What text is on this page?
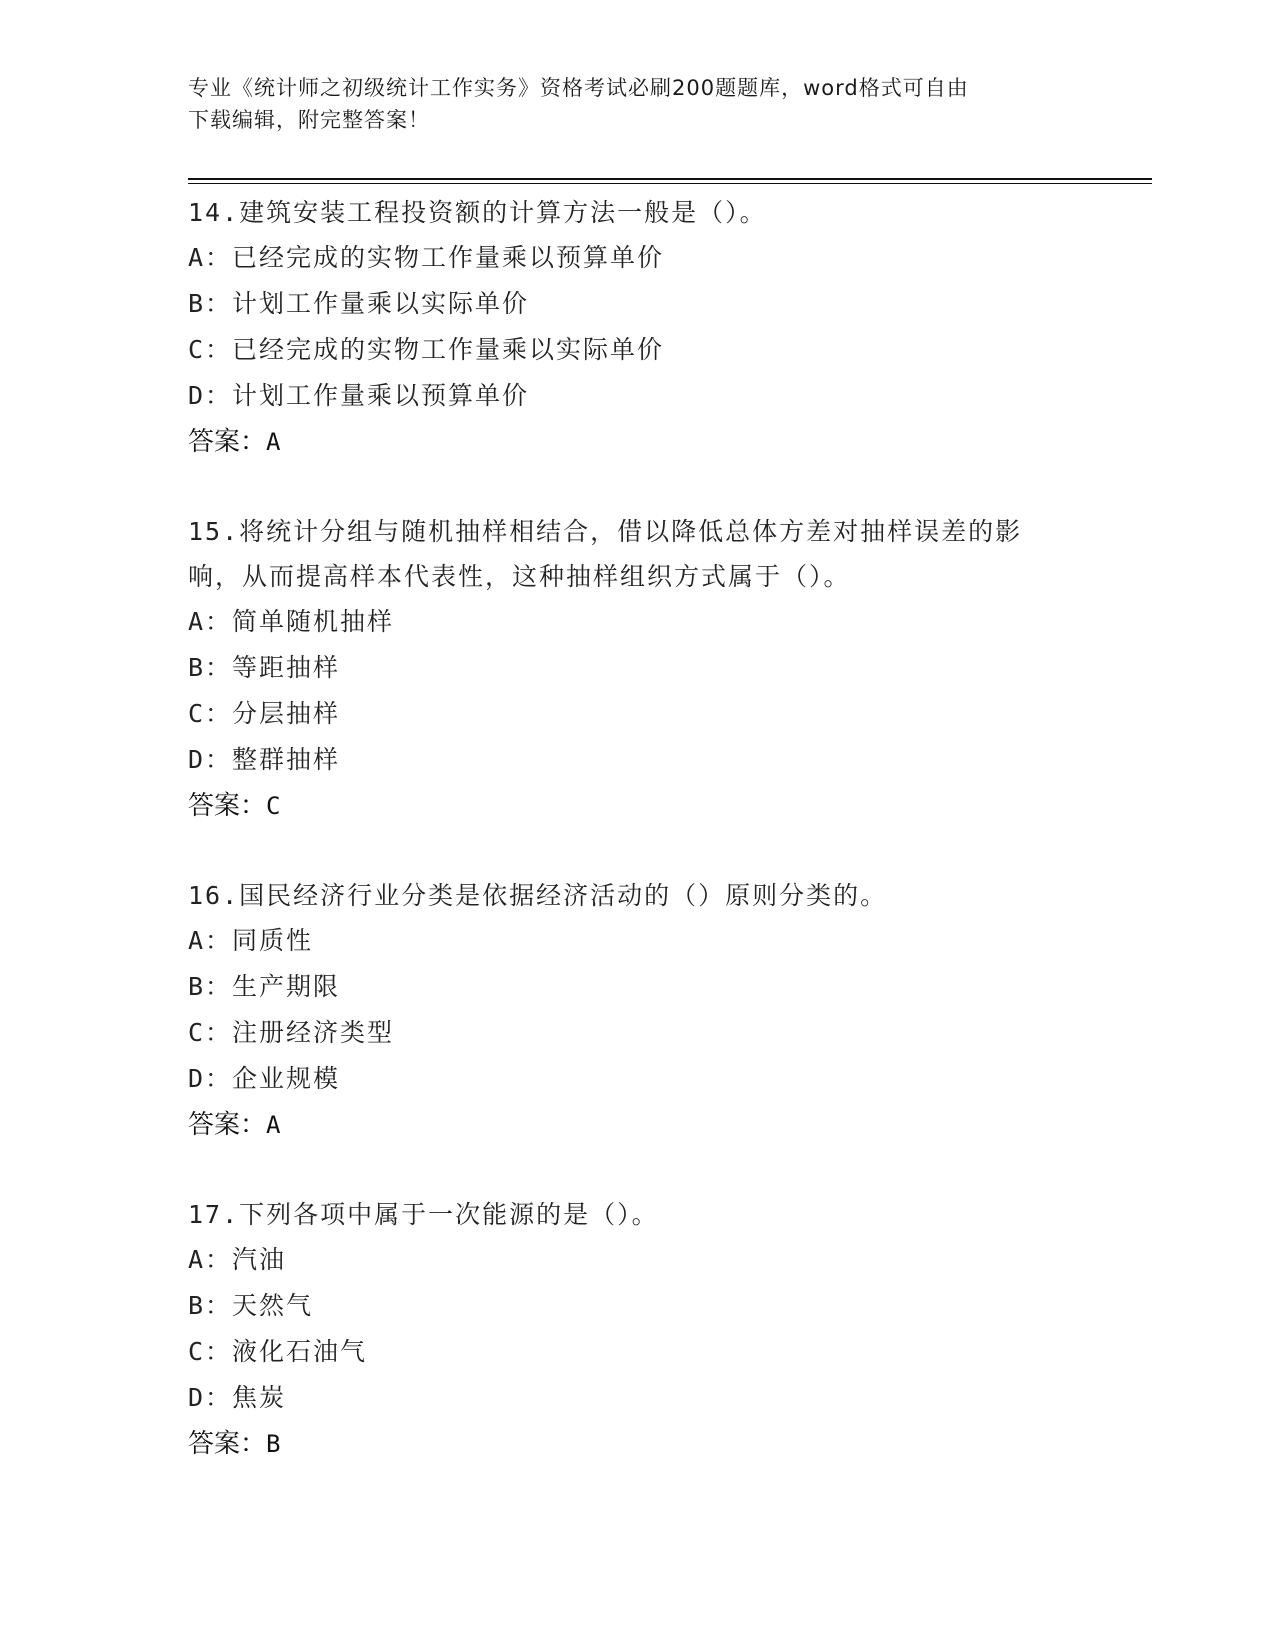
专业《统计师之初级统计工作实务》资格考试必刷200题题库，word格式可自由
下载编辑，附完整答案！
14.建筑安装工程投资额的计算方法一般是（）。
A：已经完成的实物工作量乘以预算单价
B：计划工作量乘以实际单价
C：已经完成的实物工作量乘以实际单价
D：计划工作量乘以预算单价
答案：A
15.将统计分组与随机抽样相结合，借以降低总体方差对抽样误差的影
响，从而提高样本代表性，这种抽样组织方式属于（）。
A：简单随机抽样
B：等距抽样
C：分层抽样
D：整群抽样
答案：C
16.国民经济行业分类是依据经济活动的（）原则分类的。
A：同质性
B：生产期限
C：注册经济类型
D：企业规模
答案：A
17.下列各项中属于一次能源的是（）。
A：汽油
B：天然气
C：液化石油气
D：焦炭
答案：B
